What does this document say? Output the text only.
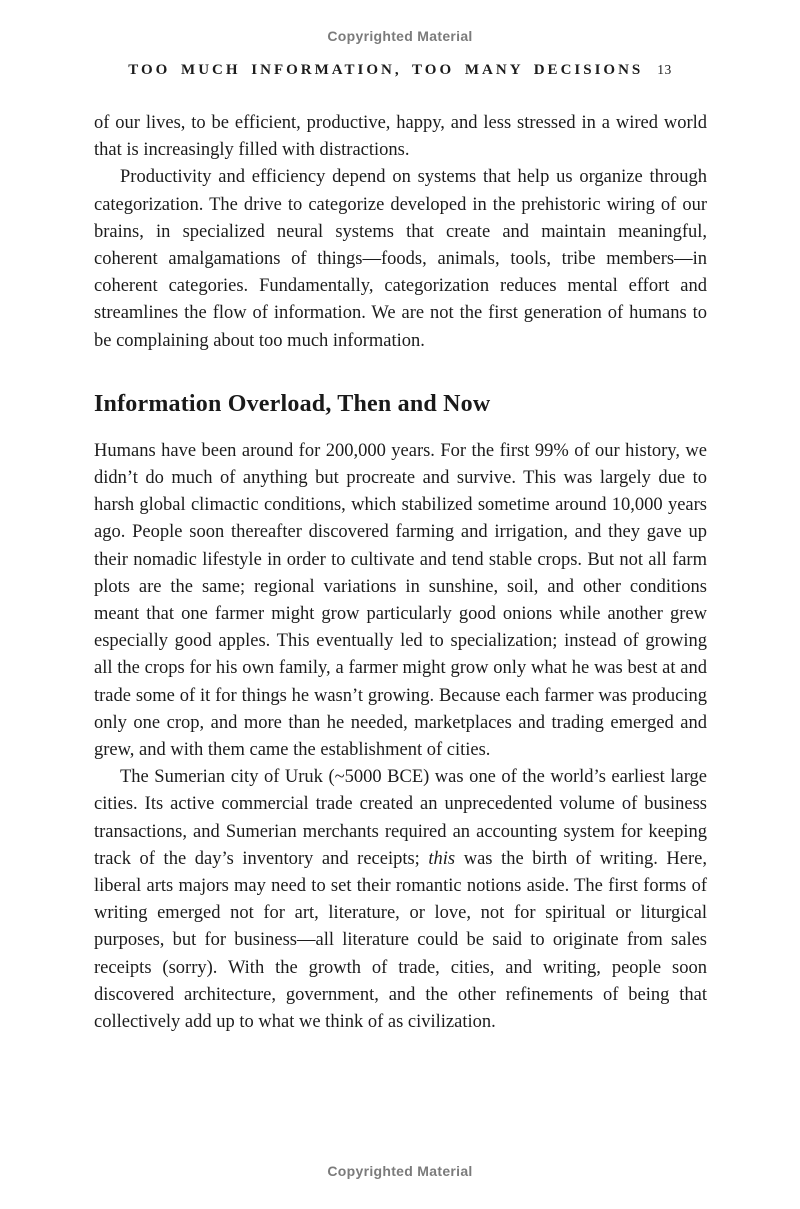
Copyrighted Material
TOO MUCH INFORMATION, TOO MANY DECISIONS 13

of our lives, to be efficient, productive, happy, and less stressed in a wired world that is increasingly filled with distractions.

Productivity and efficiency depend on systems that help us organize through categorization. The drive to categorize developed in the prehistoric wiring of our brains, in specialized neural systems that create and maintain meaningful, coherent amalgamations of things—foods, animals, tools, tribe members—in coherent categories. Fundamentally, categorization reduces mental effort and streamlines the flow of information. We are not the first generation of humans to be complaining about too much information.

Information Overload, Then and Now

Humans have been around for 200,000 years. For the first 99% of our history, we didn’t do much of anything but procreate and survive. This was largely due to harsh global climactic conditions, which stabilized sometime around 10,000 years ago. People soon thereafter discovered farming and irrigation, and they gave up their nomadic lifestyle in order to cultivate and tend stable crops. But not all farm plots are the same; regional variations in sunshine, soil, and other conditions meant that one farmer might grow particularly good onions while another grew especially good apples. This eventually led to specialization; instead of growing all the crops for his own family, a farmer might grow only what he was best at and trade some of it for things he wasn’t growing. Because each farmer was producing only one crop, and more than he needed, marketplaces and trading emerged and grew, and with them came the establishment of cities.

The Sumerian city of Uruk (~5000 BCE) was one of the world’s earliest large cities. Its active commercial trade created an unprecedented volume of business transactions, and Sumerian merchants required an accounting system for keeping track of the day’s inventory and receipts; this was the birth of writing. Here, liberal arts majors may need to set their romantic notions aside. The first forms of writing emerged not for art, literature, or love, not for spiritual or liturgical purposes, but for business—all literature could be said to originate from sales receipts (sorry). With the growth of trade, cities, and writing, people soon discovered architecture, government, and the other refinements of being that collectively add up to what we think of as civilization.

Copyrighted Material
